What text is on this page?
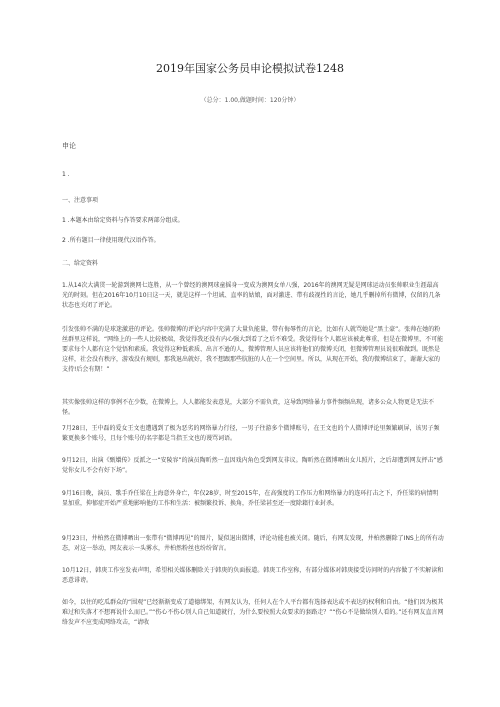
2019年国家公务员申论模拟试卷1248
（总分：1.00,做题时间：120分钟）
申论
1 .
一、注意事项
1 .本题本由给定资料与作答要求两部分组成。
2 .所有题目一律使用现代汉语作答。
二、给定资料
1.从14次大满贯一轮游到澳网七连胜，从一个曾经的澳网球童摇身一变成为澳网女单八强，2016年的澳网无疑是网球运动员张帅职业生涯最高光的时刻。但在2016年10月10日这一天，就是这样一个坦诚、直率的姑娘，面对激进、带有歧视性的言论，她几乎删掉所有微博，仅留的几条状态也关闭了评论。
引发张帅不满的是球迷激进的评论。张帅微博的评论内容中充满了大量负能量，带有侮辱性的言论，比如有人就骂她是“黑土豪”。张帅在她的粉丝群里这样说，“网络上的一些人比较极端，我觉得我还没有内心强大到看了之后不难受。我觉得每个人都应该被此尊重，但是在微博里，不可能要求每个人都有这个觉悟和素质。我觉得这种低素质、出言不逊的人，微博管理人员应该将他们的微博关闭，但微博管理员说很难做到。既然是这样，社会没有秩序，游戏没有规则，那我退出就好，我不想跟那些肮脏的人在一个空间里。所以，从现在开始，我的微博结束了，谢谢大家的支持!后会有期！”
其实像张帅这样的事例不在少数，在微博上，人人都能发表意见，大部分不需负责，这导致网络暴力事件频频出现，诸多公众人物更是无法不怪。
7月28日，王中磊的爱女王文也遭遇到了极为恶劣的网络暴力行径，一男子往游多个微博账号，在王文也的个人微博评论里频繁刷屏，该男子频繁更换多个账号，且每个账号的名字都是当指王文也的谩骂词语。
9月12日，出演《甄嬛传》反派之一“安陵容”的演员陶昕然一直因戏内角色受到网友非议。陶昕然在微博晒出女儿照片，之后却遭到网友抨击“感觉你女儿不会有好下场”。
9月16日晚，演员、歌手乔任梁在上海意外身亡，年仅28岁，时至2015年，在高强度的工作压力和网络暴力的连环打击之下，乔任梁的病情明显加重，抑郁症开始严重地影响他的工作和生活：被频繁投诉、换角，乔任梁甚至还一度除籍行业封杀。
9月23日，井柏然在微博晒出一张带有“微博再见”的图片，疑似退出微博，评论功能也被关闭。随后，有网友发现，井柏然删除了INS上的所有动态，对这一举动，网友表示一头雾水，井柏然粉丝也纷纷留言。
10月12日，韩庚工作室发表声明，希望相关媒体删除关于韩庚的负面报道。韩庚工作室称，有部分媒体对韩庚接受访问时的内容做了不实解读和恶意诽谤。
如今，以往的吃瓜群众的“围观”已经渐渐变成了道德绑架，有网友认为，任何人在个人平台都有选择表达或不表达的权利和自由。“他们因为极其难过和失落才不想再说什么而已。”“伤心不伤心别人自己知道就行，为什么要按照大众要求的套路走？”“伤心不是做给别人看的。”还有网友直言网络发声不应变成网络攻击，“请收
